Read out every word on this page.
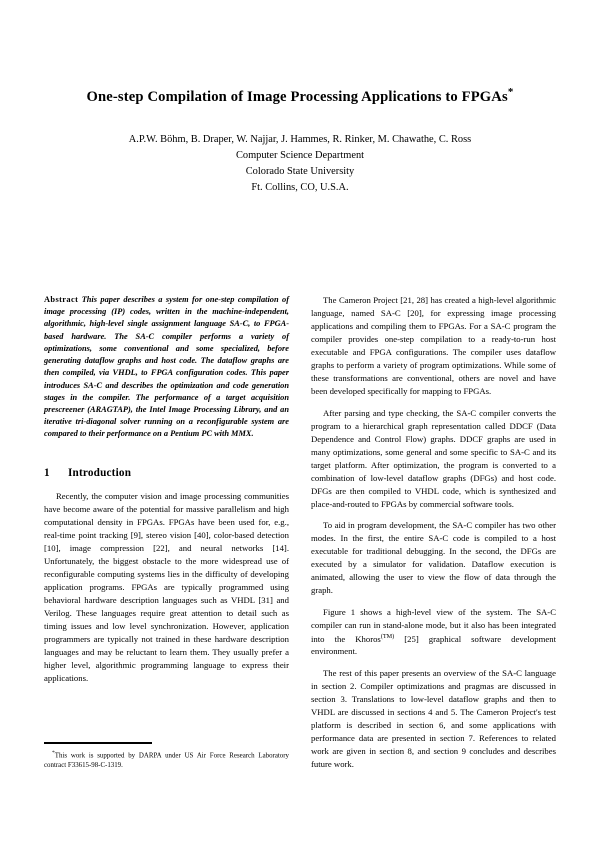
One-step Compilation of Image Processing Applications to FPGAs*
A.P.W. Böhm, B. Draper, W. Najjar, J. Hammes, R. Rinker, M. Chawathe, C. Ross
Computer Science Department
Colorado State University
Ft. Collins, CO, U.S.A.

Abstract This paper describes a system for one-step compilation of image processing (IP) codes, written in the machine-independent, algorithmic, high-level single assignment language SA-C, to FPGA-based hardware. The SA-C compiler performs a variety of optimizations, some conventional and some specialized, before generating dataflow graphs and host code. The dataflow graphs are then compiled, via VHDL, to FPGA configuration codes. This paper introduces SA-C and describes the optimization and code generation stages in the compiler. The performance of a target acquisition prescreener (ARAGTAP), the Intel Image Processing Library, and an iterative tri-diagonal solver running on a reconfigurable system are compared to their performance on a Pentium PC with MMX.

1	Introduction

Recently, the computer vision and image processing communities have become aware of the potential for massive parallelism and high computational density in FPGAs. FPGAs have been used for, e.g., real-time point tracking [9], stereo vision [40], color-based detection [10], image compression [22], and neural networks [14]. Unfortunately, the biggest obstacle to the more widespread use of reconfigurable computing systems lies in the difficulty of developing application programs. FPGAs are typically programmed using behavioral hardware description languages such as VHDL [31] and Verilog. These languages require great attention to detail such as timing issues and low level synchronization. However, application programmers are typically not trained in these hardware description languages and may be reluctant to learn them. They usually prefer a higher level, algorithmic programming language to express their applications.

*This work is supported by DARPA under US Air Force Research Laboratory contract F33615-98-C-1319.

The Cameron Project [21, 28] has created a high-level algorithmic language, named SA-C [20], for expressing image processing applications and compiling them to FPGAs. For a SA-C program the compiler provides one-step compilation to a ready-to-run host executable and FPGA configurations. The compiler uses dataflow graphs to perform a variety of program optimizations. While some of these transformations are conventional, others are novel and have been developed specifically for mapping to FPGAs.

After parsing and type checking, the SA-C compiler converts the program to a hierarchical graph representation called DDCF (Data Dependence and Control Flow) graphs. DDCF graphs are used in many optimizations, some general and some specific to SA-C and its target platform. After optimization, the program is converted to a combination of low-level dataflow graphs (DFGs) and host code. DFGs are then compiled to VHDL code, which is synthesized and place-and-routed to FPGAs by commercial software tools.

To aid in program development, the SA-C compiler has two other modes. In the first, the entire SA-C code is compiled to a host executable for traditional debugging. In the second, the DFGs are executed by a simulator for validation. Dataflow execution is animated, allowing the user to view the flow of data through the graph.

Figure 1 shows a high-level view of the system. The SA-C compiler can run in stand-alone mode, but it also has been integrated into the Khoros$^{(TM)}$ [25] graphical software development environment.

The rest of this paper presents an overview of the SA-C language in section 2. Compiler optimizations and pragmas are discussed in section 3. Translations to low-level dataflow graphs and then to VHDL are discussed in sections 4 and 5. The Cameron Project's test platform is described in section 6, and some applications with performance data are presented in section 7. References to related work are given in section 8, and section 9 concludes and describes future work.
